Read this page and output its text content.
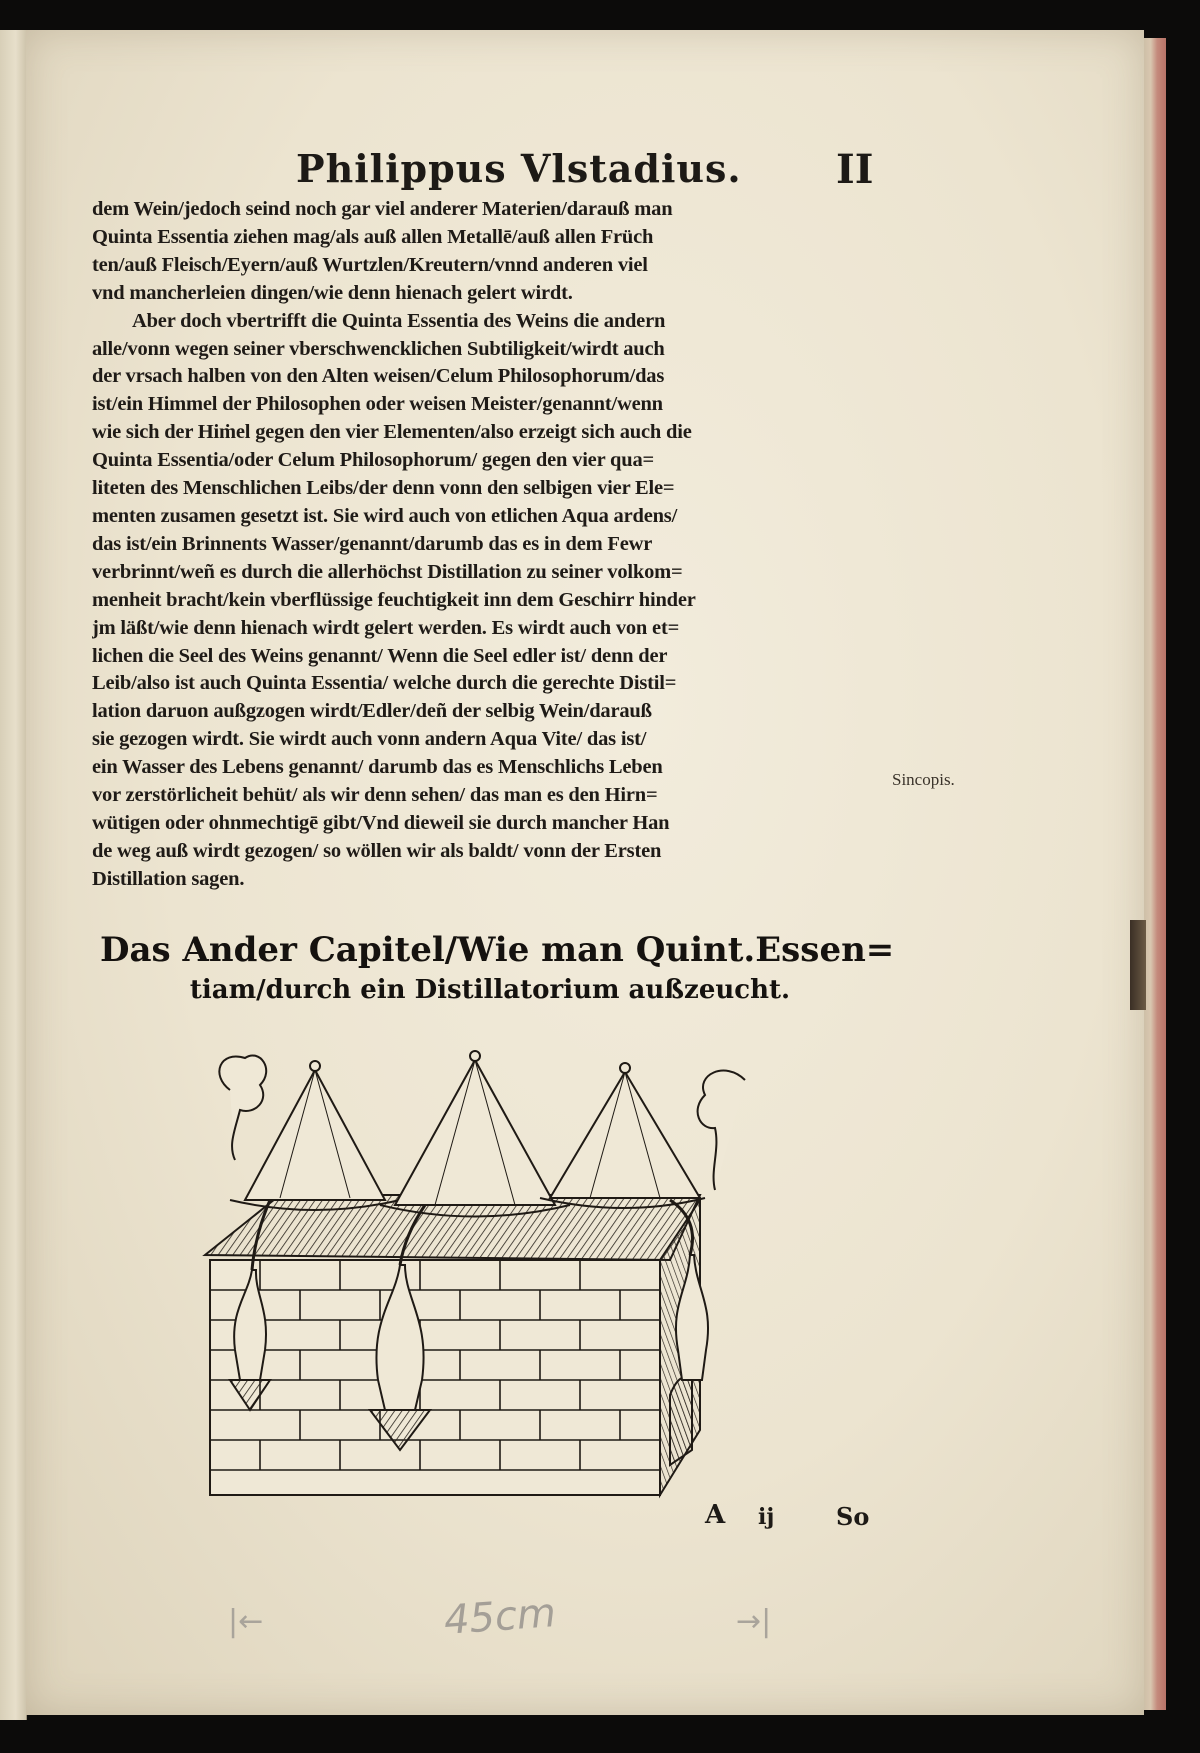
Philippus Vlstadius. II
dem Wein/jedoch seind noch gar viel anderer Materien/darauß man
Quinta Essentia ziehen mag/als auß allen Metallē/auß allen Früch
ten/auß Fleisch/Eyern/auß Wurtzlen/Kreutern/vnnd anderen viel
vnd mancherleien dingen/wie denn hienach gelert wirdt.
Aber doch vbertrifft die Quinta Essentia des Weins die andern
alle/vonn wegen seiner vberschwencklichen Subtiligkeit/wirdt auch
der vrsach halben von den Alten weisen/Celum Philosophorum/das
ist/ein Himmel der Philosophen oder weisen Meister/genannt/wenn
wie sich der Hiṁel gegen den vier Elementen/also erzeigt sich auch die
Quinta Essentia/oder Celum Philosophorum/ gegen den vier qua=
liteten des Menschlichen Leibs/der denn vonn den selbigen vier Ele=
menten zusamen gesetzt ist. Sie wird auch von etlichen Aqua ardens/
das ist/ein Brinnents Wasser/genannt/darumb das es in dem Fewr
verbrinnt/weñ es durch die allerhöchst Distillation zu seiner volkom=
menheit bracht/kein vberflüssige feuchtigkeit inn dem Geschirr hinder
jm läßt/wie denn hienach wirdt gelert werden. Es wirdt auch von et=
lichen die Seel des Weins genannt/ Wenn die Seel edler ist/ denn der
Leib/also ist auch Quinta Essentia/ welche durch die gerechte Distil=
lation daruon außgzogen wirdt/Edler/deñ der selbig Wein/darauß
sie gezogen wirdt. Sie wirdt auch vonn andern Aqua Vite/ das ist/
ein Wasser des Lebens genannt/ darumb das es Menschlichs Leben
vor zerstörlicheit behüt/ als wir denn sehen/ das man es den Hirn=
wütigen oder ohnmechtigē gibt/Vnd dieweil sie durch mancher Han
de weg auß wirdt gezogen/ so wöllen wir als baldt/ vonn der Ersten
Distillation sagen.
Sincopis.
Das Ander Capitel/Wie man Quint.Essen=
tiam/durch ein Distillatorium außzeucht.
A ij	So
|←	45cm	→|
